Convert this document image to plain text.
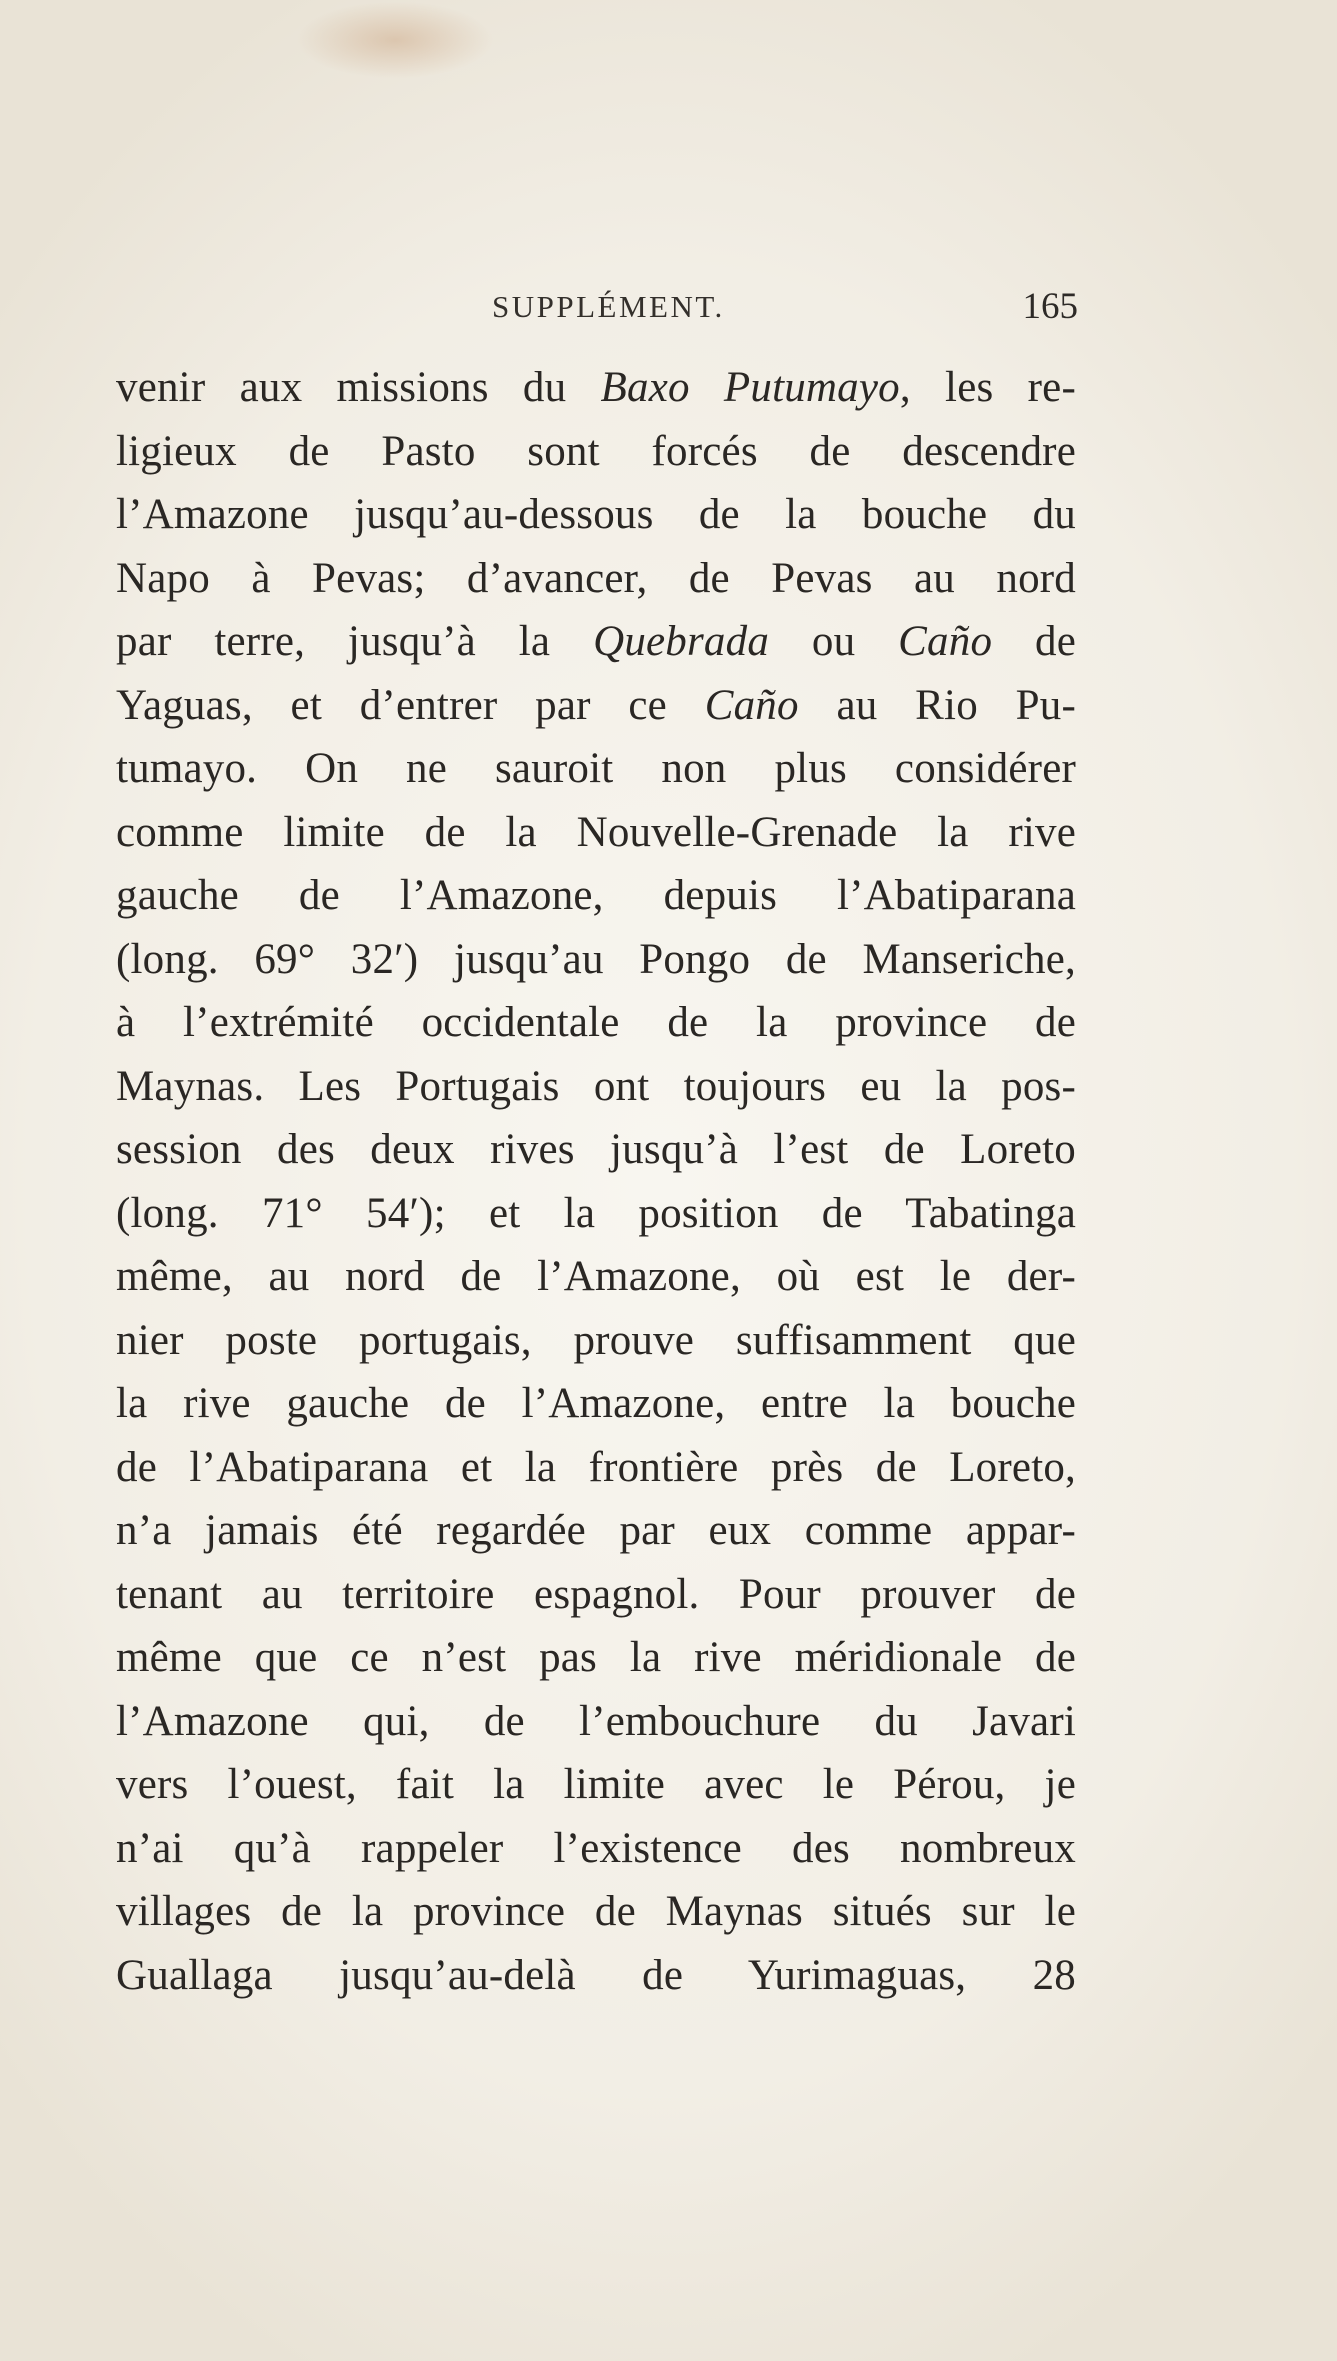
SUPPLÉMENT.	165
venir aux missions du Baxo Putumayo, les re-
ligieux de Pasto sont forcés de descendre
l’Amazone jusqu’au-dessous de la bouche du
Napo à Pevas; d’avancer, de Pevas au nord
par terre, jusqu’à la Quebrada ou Caño de
Yaguas, et d’entrer par ce Caño au Rio Pu-
tumayo. On ne sauroit non plus considérer
comme limite de la Nouvelle-Grenade la rive
gauche de l’Amazone, depuis l’Abatiparana
(long. 69° 32′) jusqu’au Pongo de Manseriche,
à l’extrémité occidentale de la province de
Maynas. Les Portugais ont toujours eu la pos-
session des deux rives jusqu’à l’est de Loreto
(long. 71° 54′); et la position de Tabatinga
même, au nord de l’Amazone, où est le der-
nier poste portugais, prouve suffisamment que
la rive gauche de l’Amazone, entre la bouche
de l’Abatiparana et la frontière près de Loreto,
n’a jamais été regardée par eux comme appar-
tenant au territoire espagnol. Pour prouver de
même que ce n’est pas la rive méridionale de
l’Amazone qui, de l’embouchure du Javari
vers l’ouest, fait la limite avec le Pérou, je
n’ai qu’à rappeler l’existence des nombreux
villages de la province de Maynas situés sur le
Guallaga jusqu’au-delà de Yurimaguas, 28
